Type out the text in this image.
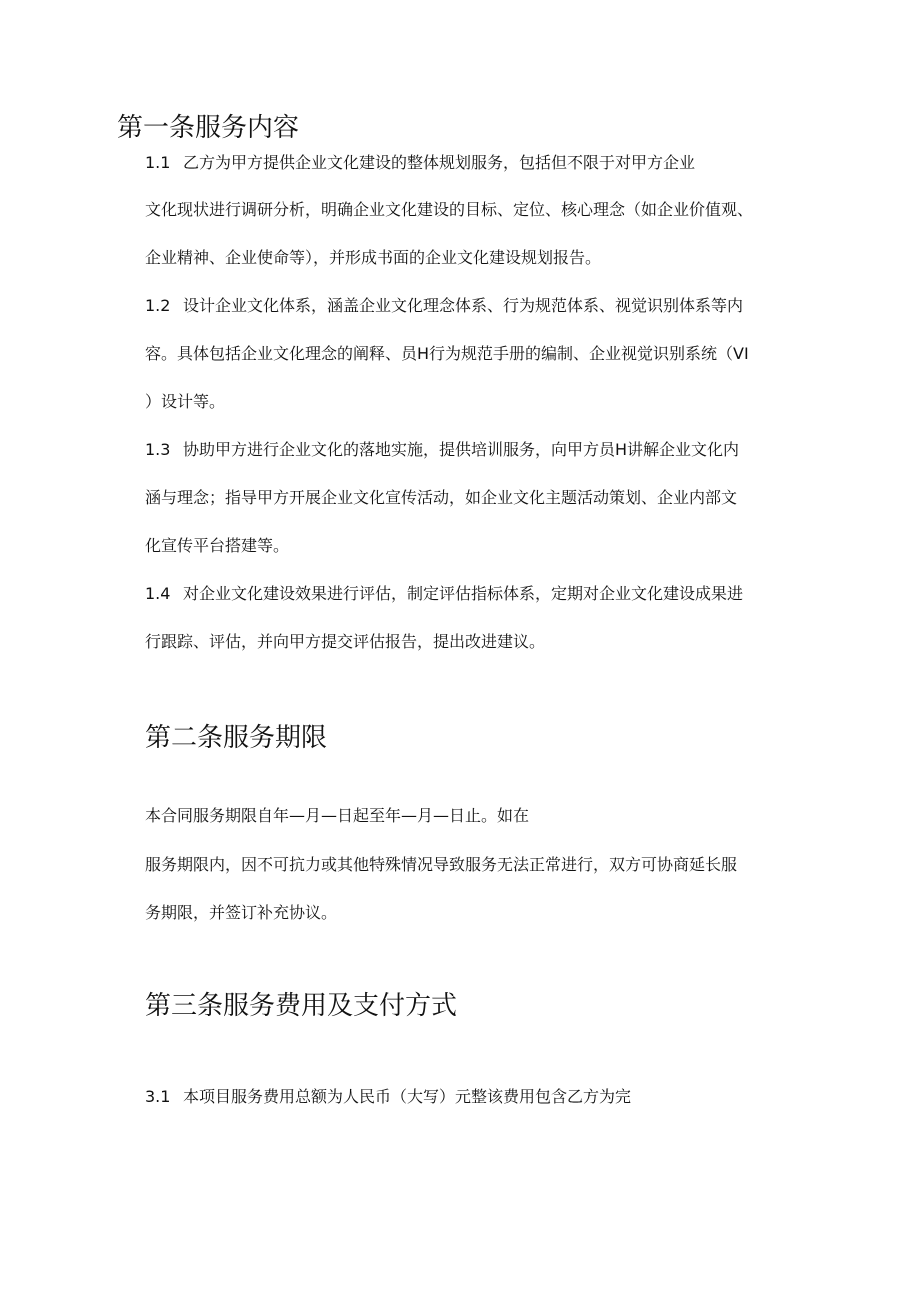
第一条服务内容
1.1 乙方为甲方提供企业文化建设的整体规划服务，包括但不限于对甲方企业
文化现状进行调研分析，明确企业文化建设的目标、定位、核心理念（如企业价值观、
企业精神、企业使命等），并形成书面的企业文化建设规划报告。
1.2 设计企业文化体系，涵盖企业文化理念体系、行为规范体系、视觉识别体系等内
容。具体包括企业文化理念的阐释、员H行为规范手册的编制、企业视觉识别系统（VI
）设计等。
1.3 协助甲方进行企业文化的落地实施，提供培训服务，向甲方员H讲解企业文化内
涵与理念；指导甲方开展企业文化宣传活动，如企业文化主题活动策划、企业内部文
化宣传平台搭建等。
1.4 对企业文化建设效果进行评估，制定评估指标体系，定期对企业文化建设成果进
行跟踪、评估，并向甲方提交评估报告，提出改进建议。
第二条服务期限
本合同服务期限自年—月—日起至年—月—日止。如在
服务期限内，因不可抗力或其他特殊情况导致服务无法正常进行，双方可协商延长服
务期限，并签订补充协议。
第三条服务费用及支付方式
3.1 本项目服务费用总额为人民币（大写）元整该费用包含乙方为完
